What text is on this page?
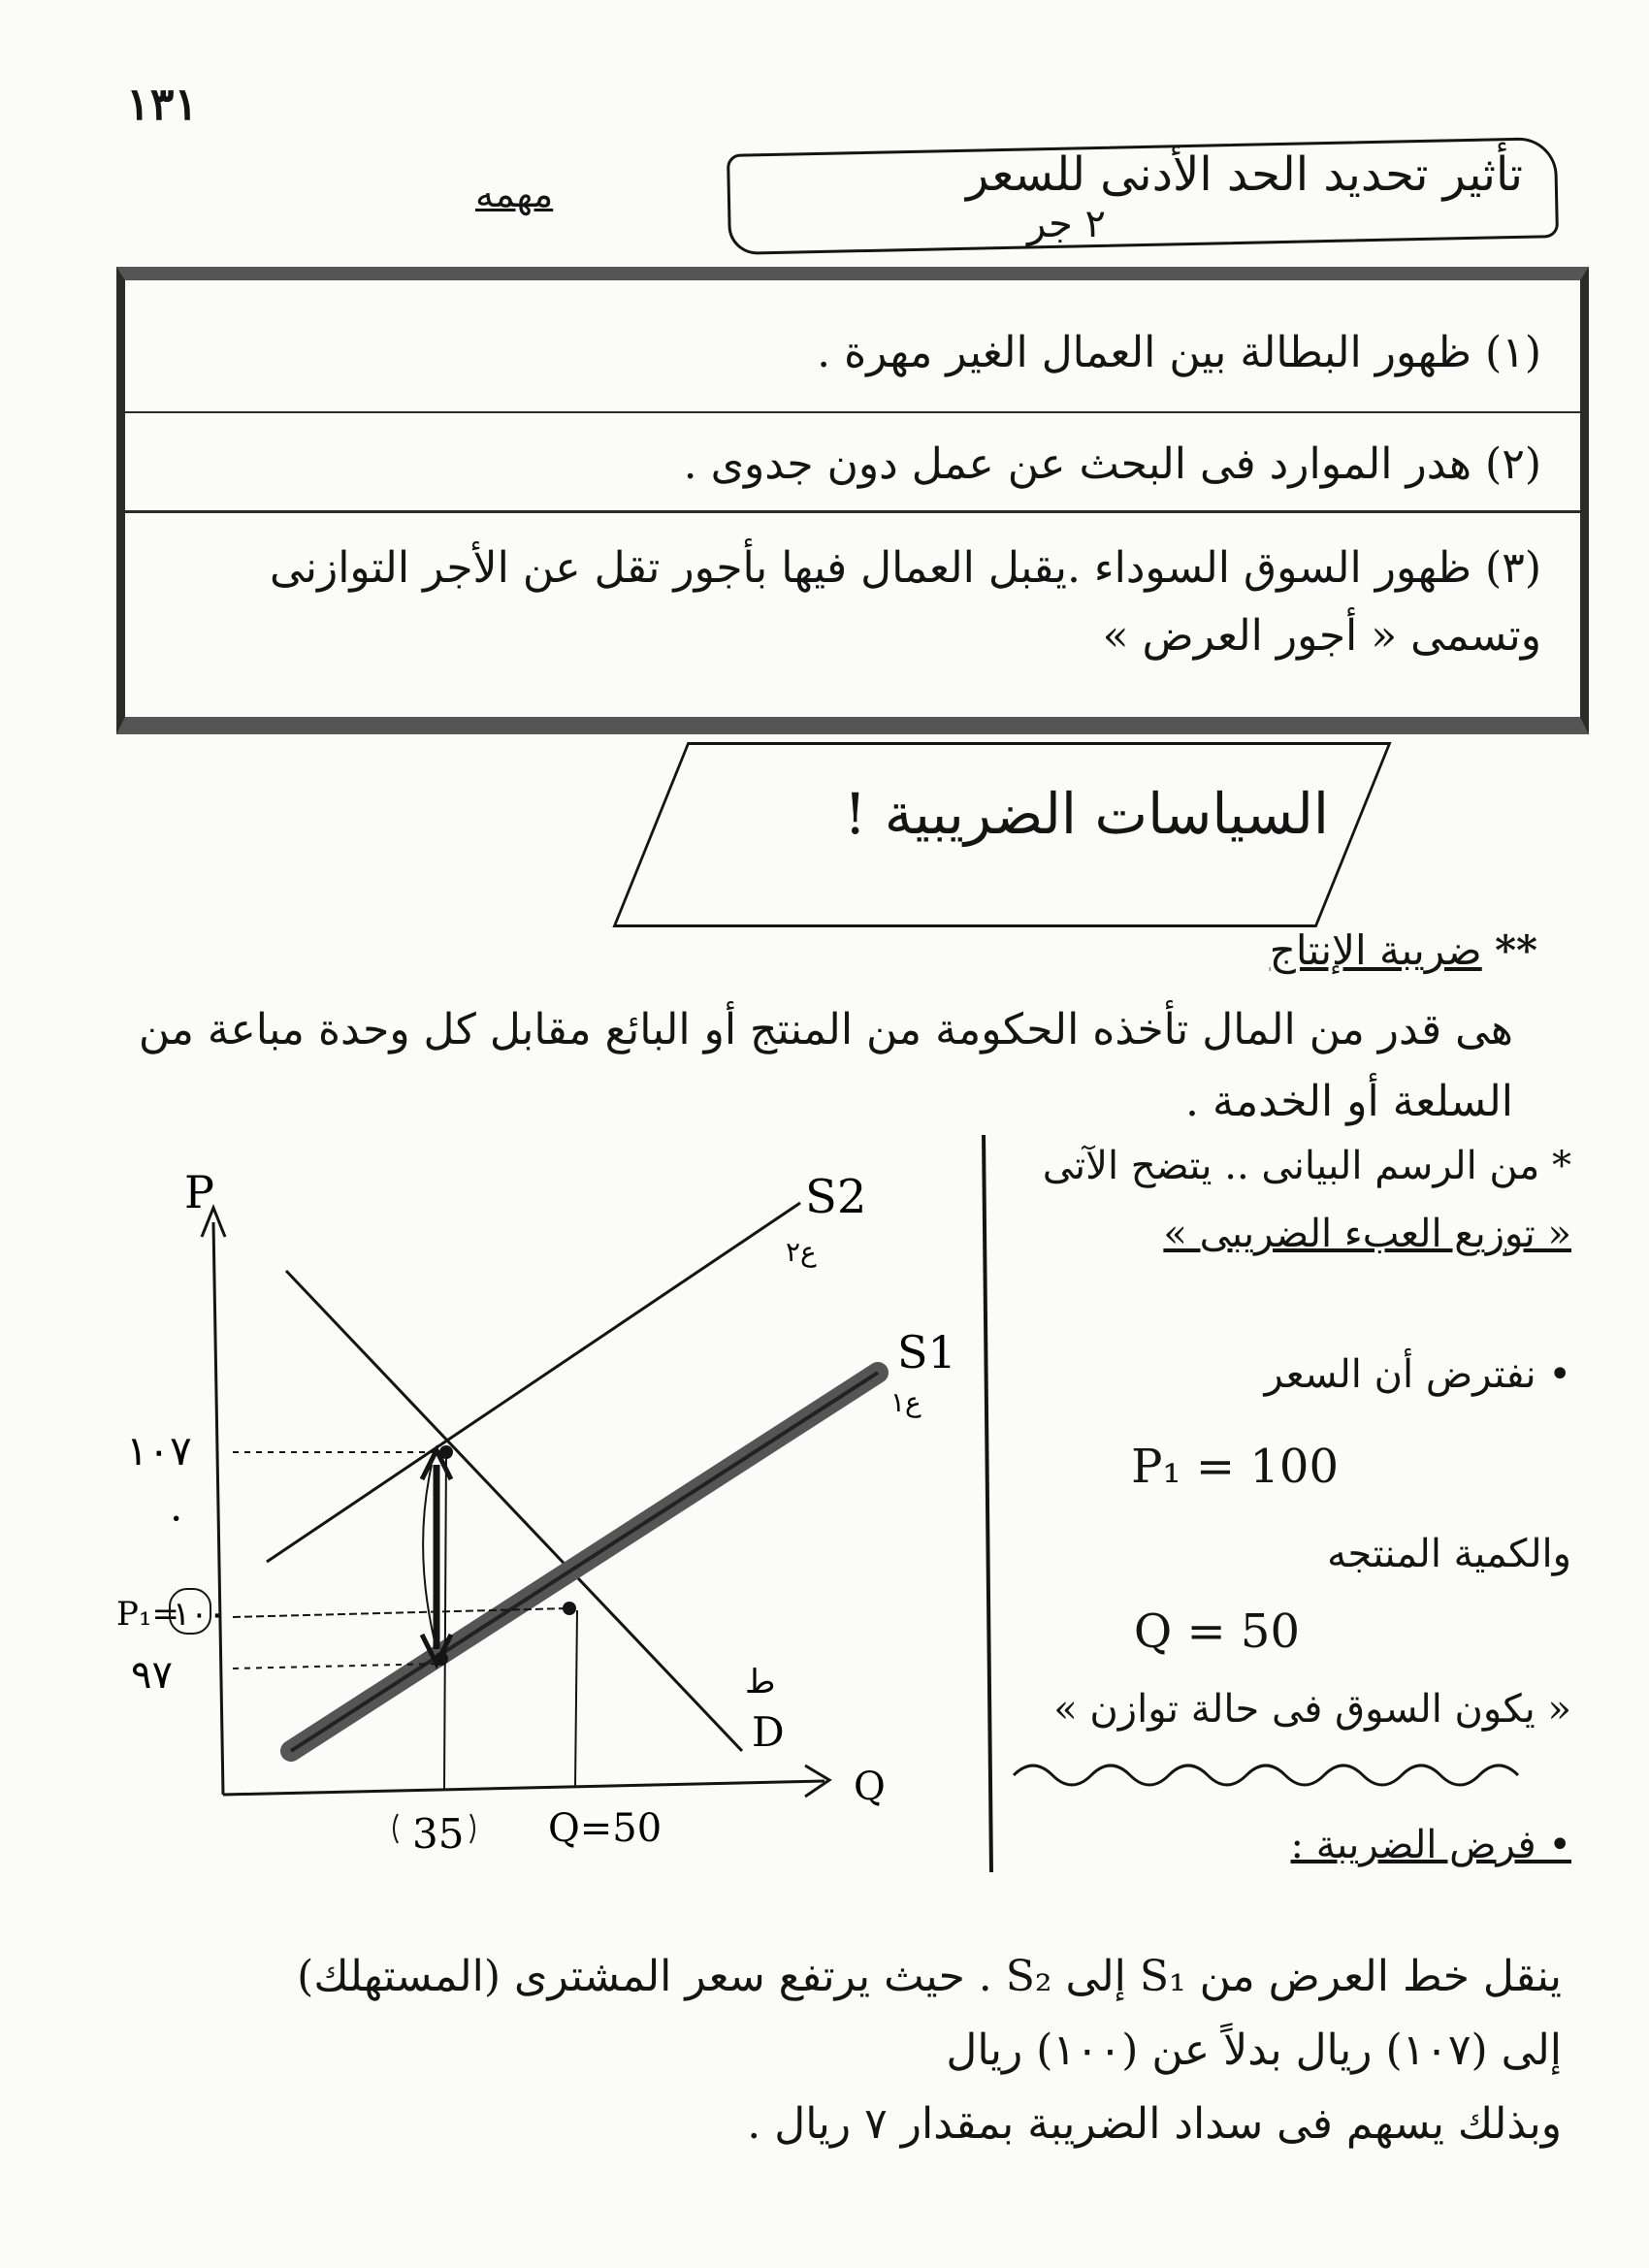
١٣١
تأثير تحديد الحد الأدنى للسعر
٢ جر
مهمه
(١) ظهور البطالة بين العمال الغير مهرة .
(٢) هدر الموارد فى البحث عن عمل دون جدوى .
(٣) ظهور السوق السوداء .يقبل العمال فيها بأجور تقل عن الأجر التوازنى وتسمى « أجور العرض »
السياسات الضريبية !
** ضريبة الإنتاج
هى قدر من المال تأخذه الحكومة من المنتج أو البائع مقابل كل وحدة مباعة من السلعة أو الخدمة .
* من الرسم البيانى .. يتضح الآتى
« توزيع العبء الضريبى »
• نفترض أن السعر
P₁ = 100
والكمية المنتجه
Q = 50
« يكون السوق فى حالة توازن »
• فرض الضريبة :
P
Q
S2
ع٢
S1
ع١
D
ط
١٠٧
·
P₁=
١٠٠
٩٧
35 Q=50
ينقل خط العرض من S₁ إلى S₂ . حيث يرتفع سعر المشترى (المستهلك)
إلى (١٠٧) ريال بدلاً عن (١٠٠) ريال
وبذلك يسهم فى سداد الضريبة بمقدار ٧ ريال .
